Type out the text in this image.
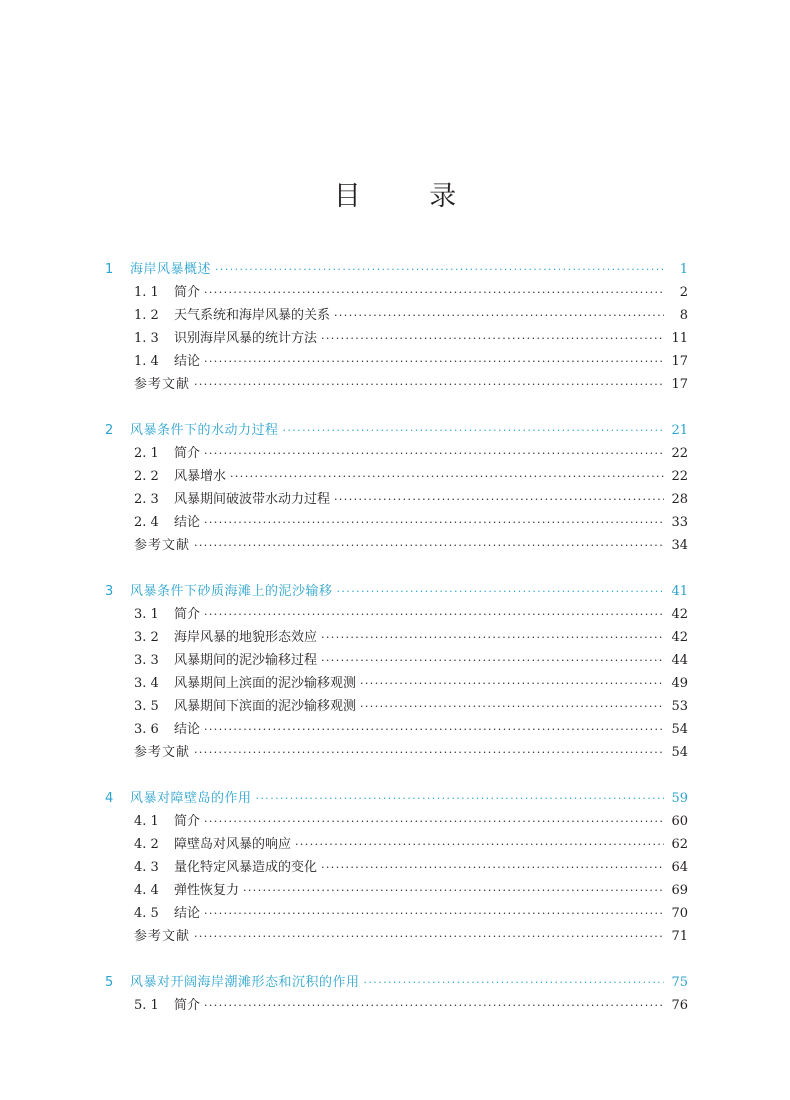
目 录
1 海岸风暴概述 ·····	1
1. 1	简介 ·····	2
1. 2	天气系统和海岸风暴的关系 ·····	8
1. 3	识别海岸风暴的统计方法 ·····	11
1. 4	结论 ·····	17
参考文献 ·····	17
2 风暴条件下的水动力过程 ·····	21
2. 1	简介 ·····	22
2. 2	风暴增水 ·····	22
2. 3	风暴期间破波带水动力过程 ·····	28
2. 4	结论 ·····	33
参考文献 ·····	34
3 风暴条件下砂质海滩上的泥沙输移 ·····	41
3. 1	简介 ·····	42
3. 2	海岸风暴的地貌形态效应 ·····	42
3. 3	风暴期间的泥沙输移过程 ·····	44
3. 4	风暴期间上滨面的泥沙输移观测 ·····	49
3. 5	风暴期间下滨面的泥沙输移观测 ·····	53
3. 6	结论 ·····	54
参考文献 ·····	54
4 风暴对障壁岛的作用 ·····	59
4. 1	简介 ·····	60
4. 2	障壁岛对风暴的响应 ·····	62
4. 3	量化特定风暴造成的变化 ·····	64
4. 4	弹性恢复力 ·····	69
4. 5	结论 ·····	70
参考文献 ·····	71
5 风暴对开阔海岸潮滩形态和沉积的作用 ·····	75
5. 1	简介 ·····	76
